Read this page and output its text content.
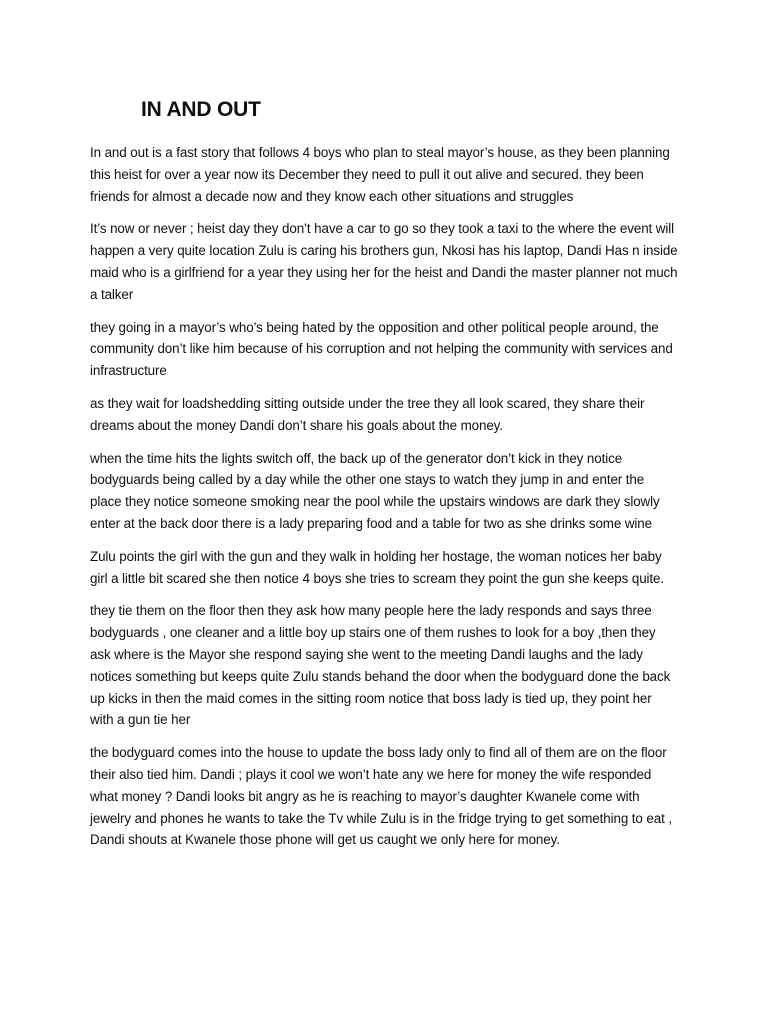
IN AND OUT

In and out is a fast story that follows 4 boys who plan to steal mayor’s house, as they been planning this heist for over a year now its December they need to pull it out alive and secured. they been friends for almost a decade now and they know each other situations and struggles

It’s now or never ; heist day they don’t have a car to go so they took a taxi to the where the event will happen a very quite location Zulu is caring his brothers gun, Nkosi has his laptop, Dandi Has n inside maid who is a girlfriend for a year they using her for the heist and Dandi the master planner not much a talker

they going in a mayor’s who’s being hated by the opposition and other political people around, the community don’t like him because of his corruption and not helping the community with services and infrastructure

as they wait for loadshedding sitting outside under the tree they all look scared, they share their dreams about the money Dandi don’t share his goals about the money.

when the time hits the lights switch off, the back up of the generator don’t kick in they notice bodyguards being called by a day while the other one stays to watch they jump in and enter the place they notice someone smoking near the pool while the upstairs windows are dark they slowly enter at the back door there is a lady preparing food and a table for two as she drinks some wine

Zulu points the girl with the gun and they walk in holding her hostage, the woman notices her baby girl a little bit scared she then notice 4 boys she tries to scream they point the gun she keeps quite.

they tie them on the floor then they ask how many people here the lady responds and says three bodyguards , one cleaner and a little boy up stairs one of them rushes to look for a boy ,then they ask where is the Mayor she respond saying she went to the meeting Dandi laughs and the lady notices something but keeps quite Zulu stands behand the door when the bodyguard done the back up kicks in then the maid comes in the sitting room notice that boss lady is tied up, they point her with a gun tie her

the bodyguard comes into the house to update the boss lady only to find all of them are on the floor their also tied him. Dandi ; plays it cool we won’t hate any we here for money the wife responded what money ? Dandi looks bit angry as he is reaching to mayor’s daughter Kwanele come with jewelry and phones he wants to take the Tv while Zulu is in the fridge trying to get something to eat , Dandi shouts at Kwanele those phone will get us caught we only here for money.
